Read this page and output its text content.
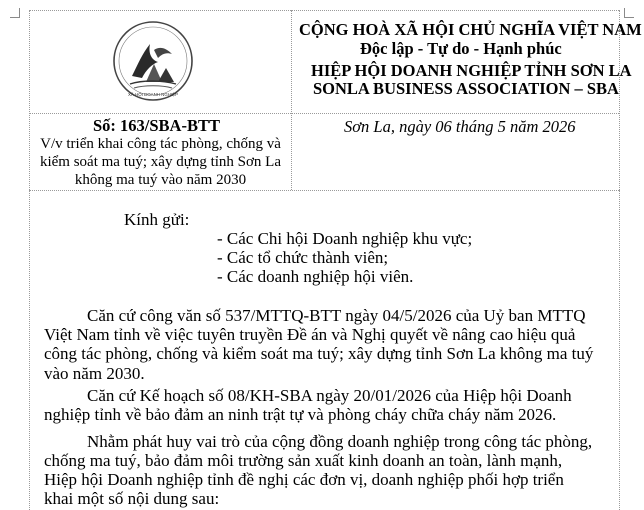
XÃ HỘI DOANH NGHIỆP
CỘNG HOÀ XÃ HỘI CHỦ NGHĨA VIỆT NAM
Độc lập - Tự do - Hạnh phúc
HIỆP HỘI DOANH NGHIỆP TỈNH SƠN LA
SONLA BUSINESS ASSOCIATION – SBA
Số: 163/SBA-BTT
V/v triển khai công tác phòng, chống và
kiểm soát ma tuý; xây dựng tỉnh Sơn La
không ma tuý vào năm 2030
Sơn La, ngày 06 tháng 5 năm 2026
Kính gửi:
- Các Chi hội Doanh nghiệp khu vực;
- Các tổ chức thành viên;
- Các doanh nghiệp hội viên.
Căn cứ công văn số 537/MTTQ-BTT ngày 04/5/2026 của Uỷ ban MTTQ
Việt Nam tỉnh về việc tuyên truyền Đề án và Nghị quyết về nâng cao hiệu quả
công tác phòng, chống và kiểm soát ma tuý; xây dựng tỉnh Sơn La không ma tuý
vào năm 2030.
Căn cứ Kế hoạch số 08/KH-SBA ngày 20/01/2026 của Hiệp hội Doanh
nghiệp tỉnh về bảo đảm an ninh trật tự và phòng cháy chữa cháy năm 2026.
Nhằm phát huy vai trò của cộng đồng doanh nghiệp trong công tác phòng,
chống ma tuý, bảo đảm môi trường sản xuất kinh doanh an toàn, lành mạnh,
Hiệp hội Doanh nghiệp tỉnh đề nghị các đơn vị, doanh nghiệp phối hợp triển
khai một số nội dung sau:
